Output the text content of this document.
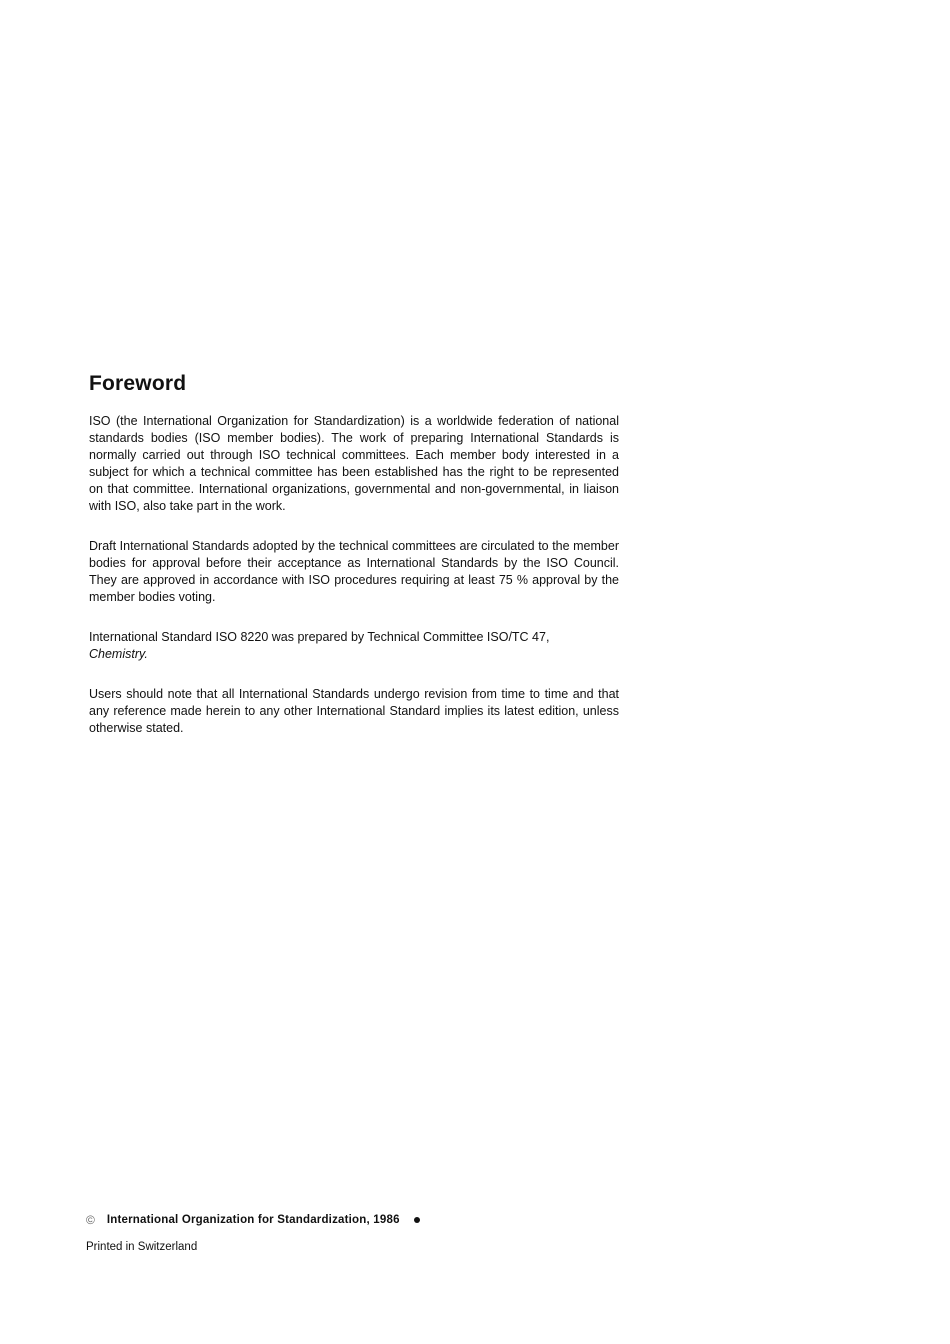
Foreword

ISO (the International Organization for Standardization) is a worldwide federation of national standards bodies (ISO member bodies). The work of preparing International Standards is normally carried out through ISO technical committees. Each member body interested in a subject for which a technical committee has been established has the right to be represented on that committee. International organizations, governmental and non-governmental, in liaison with ISO, also take part in the work.

Draft International Standards adopted by the technical committees are circulated to the member bodies for approval before their acceptance as International Standards by the ISO Council. They are approved in accordance with ISO procedures requiring at least 75 % approval by the member bodies voting.

International Standard ISO 8220 was prepared by Technical Committee ISO/TC 47,
Chemistry.

Users should note that all International Standards undergo revision from time to time and that any reference made herein to any other International Standard implies its latest edition, unless otherwise stated.

© International Organization for Standardization, 1986
Printed in Switzerland
